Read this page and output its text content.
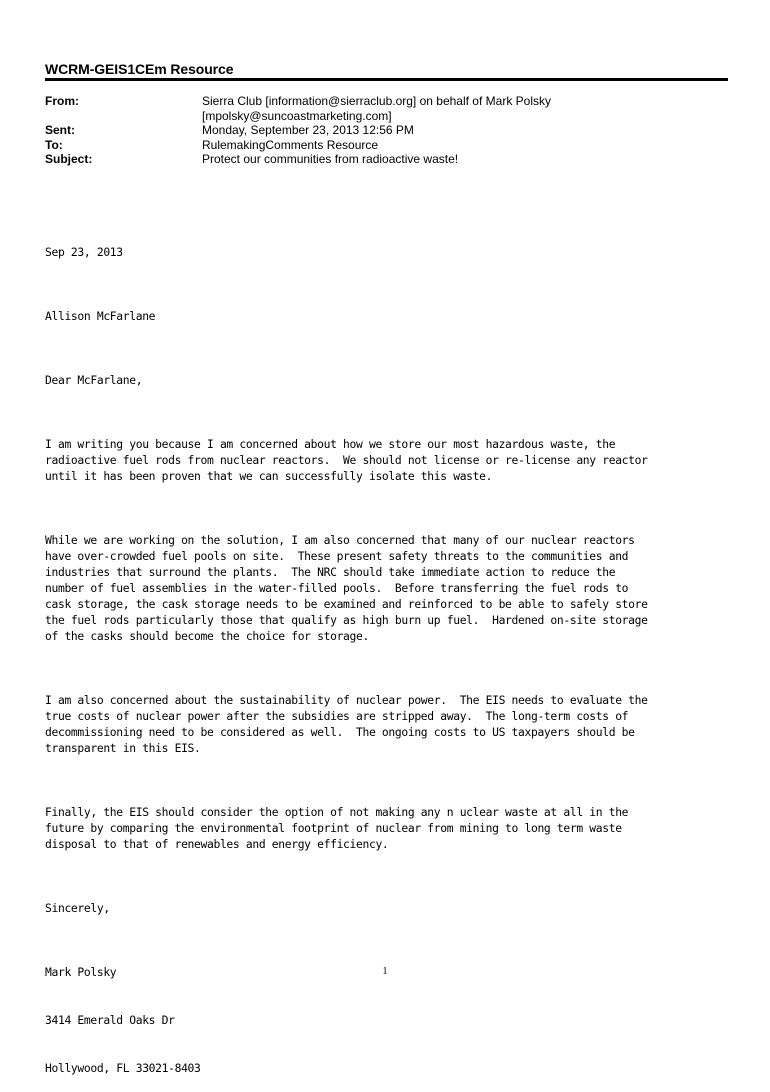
WCRM-GEIS1CEm Resource
From:	Sierra Club [information@sierraclub.org] on behalf of Mark Polsky
[mpolsky@suncoastmarketing.com]
Sent:	Monday, September 23, 2013 12:56 PM
To:	RulemakingComments Resource
Subject:	Protect our communities from radioactive waste!

Sep 23, 2013

Allison McFarlane

Dear McFarlane,

I am writing you because I am concerned about how we store our most hazardous waste, the
radioactive fuel rods from nuclear reactors.  We should not license or re-license any reactor
until it has been proven that we can successfully isolate this waste.

While we are working on the solution, I am also concerned that many of our nuclear reactors
have over-crowded fuel pools on site.  These present safety threats to the communities and
industries that surround the plants.  The NRC should take immediate action to reduce the
number of fuel assemblies in the water-filled pools.  Before transferring the fuel rods to
cask storage, the cask storage needs to be examined and reinforced to be able to safely store
the fuel rods particularly those that qualify as high burn up fuel.  Hardened on-site storage
of the casks should become the choice for storage.

I am also concerned about the sustainability of nuclear power.  The EIS needs to evaluate the
true costs of nuclear power after the subsidies are stripped away.  The long-term costs of
decommissioning need to be considered as well.  The ongoing costs to US taxpayers should be
transparent in this EIS.

Finally, the EIS should consider the option of not making any n uclear waste at all in the
future by comparing the environmental footprint of nuclear from mining to long term waste
disposal to that of renewables and energy efficiency.

Sincerely,

Mark Polsky

3414 Emerald Oaks Dr

Hollywood, FL 33021-8403

1
